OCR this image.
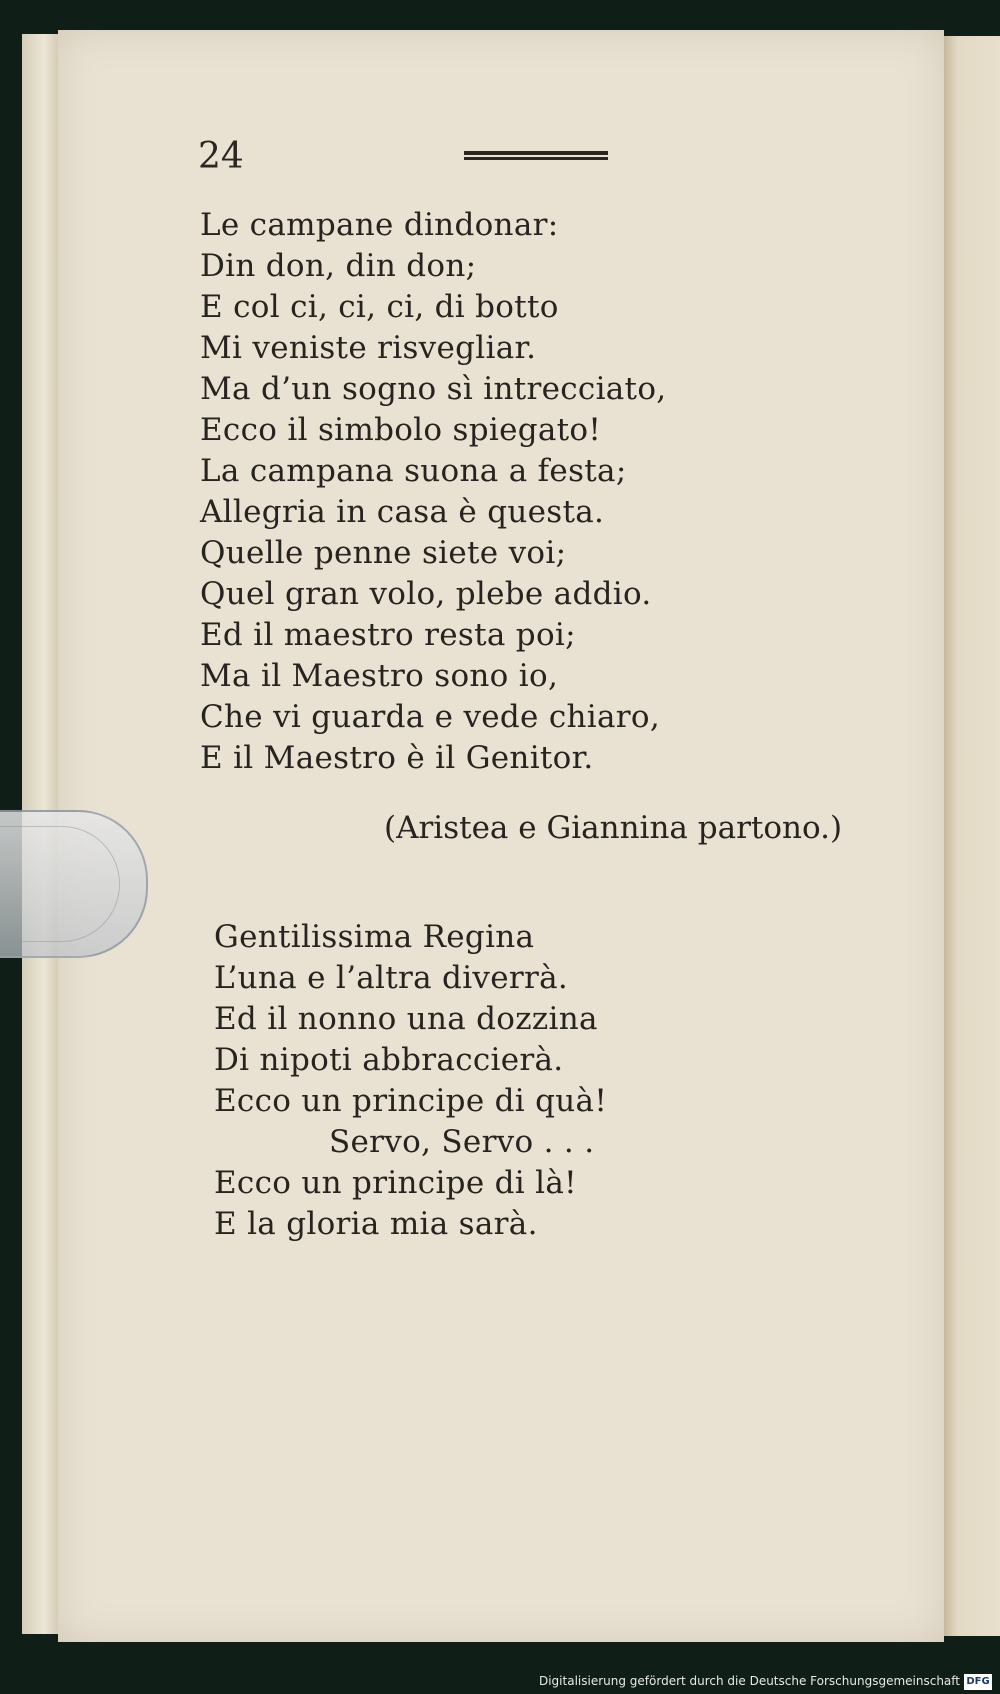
24
Le campane dindonar:
Din don, din don;
E col ci, ci, ci, di botto
Mi veniste risvegliar.
Ma d’un sogno sì intrecciato,
Ecco il simbolo spiegato!
La campana suona a festa;
Allegria in casa è questa.
Quelle penne siete voi;
Quel gran volo, plebe addio.
Ed il maestro resta poi;
Ma il Maestro sono io,
Che vi guarda e vede chiaro,
E il Maestro è il Genitor.
(Aristea e Giannina partono.)
Gentilissima Regina
L’una e l’altra diverrà.
Ed il nonno una dozzina
Di nipoti abbraccierà.
Ecco un principe di quà!
Servo, Servo . . .
Ecco un principe di là!
E la gloria mia sarà.
Digitalisierung gefördert durch die Deutsche Forschungsgemeinschaft DFG
